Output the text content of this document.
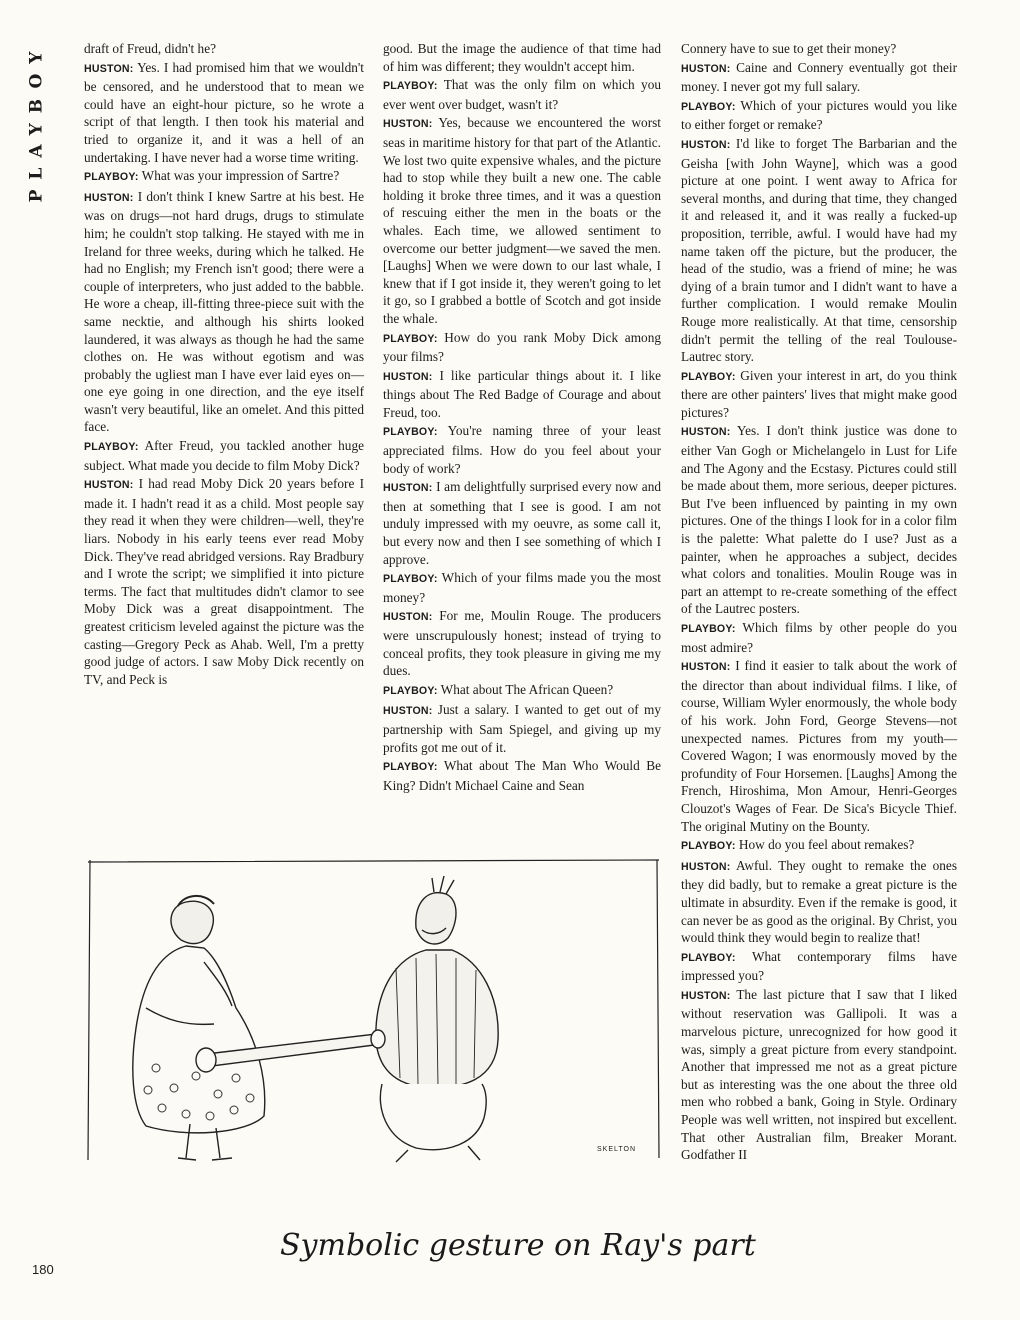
PLAYBOY	draft of Freud, didn't he?

HUSTON: Yes. I had promised him that we wouldn't be censored, and he understood that to mean we could have an eight-hour picture, so he wrote a script of that length. I then took his material and tried to organize it, and it was a hell of an undertaking. I have never had a worse time writing.

PLAYBOY: What was your impression of Sartre?

HUSTON: I don't think I knew Sartre at his best. He was on drugs—not hard drugs, drugs to stimulate him; he couldn't stop talking. He stayed with me in Ireland for three weeks, during which he talked. He had no English; my French isn't good; there were a couple of interpreters, who just added to the babble. He wore a cheap, ill-fitting three-piece suit with the same necktie, and although his shirts looked laundered, it was always as though he had the same clothes on. He was without egotism and was probably the ugliest man I have ever laid eyes on—one eye going in one direction, and the eye itself wasn't very beautiful, like an omelet. And this pitted face.

PLAYBOY: After Freud, you tackled another huge subject. What made you decide to film Moby Dick?

HUSTON: I had read Moby Dick 20 years before I made it. I hadn't read it as a child. Most people say they read it when they were children—well, they're liars. Nobody in his early teens ever read Moby Dick. They've read abridged versions. Ray Bradbury and I wrote the script; we simplified it into picture terms. The fact that multitudes didn't clamor to see Moby Dick was a great disappointment. The greatest criticism leveled against the picture was the casting—Gregory Peck as Ahab. Well, I'm a pretty good judge of actors. I saw Moby Dick recently on TV, and Peck is

good. But the image the audience of that time had of him was different; they wouldn't accept him.

PLAYBOY: That was the only film on which you ever went over budget, wasn't it?

HUSTON: Yes, because we encountered the worst seas in maritime history for that part of the Atlantic. We lost two quite expensive whales, and the picture had to stop while they built a new one. The cable holding it broke three times, and it was a question of rescuing either the men in the boats or the whales. Each time, we allowed sentiment to overcome our better judgment—we saved the men. [Laughs] When we were down to our last whale, I knew that if I got inside it, they weren't going to let it go, so I grabbed a bottle of Scotch and got inside the whale.

PLAYBOY: How do you rank Moby Dick among your films?

HUSTON: I like particular things about it. I like things about The Red Badge of Courage and about Freud, too.

PLAYBOY: You're naming three of your least appreciated films. How do you feel about your body of work?

HUSTON: I am delightfully surprised every now and then at something that I see is good. I am not unduly impressed with my oeuvre, as some call it, but every now and then I see something of which I approve.

PLAYBOY: Which of your films made you the most money?

HUSTON: For me, Moulin Rouge. The producers were unscrupulously honest; instead of trying to conceal profits, they took pleasure in giving me my dues.

PLAYBOY: What about The African Queen?

HUSTON: Just a salary. I wanted to get out of my partnership with Sam Spiegel, and giving up my profits got me out of it.

PLAYBOY: What about The Man Who Would Be King? Didn't Michael Caine and Sean

Connery have to sue to get their money?

HUSTON: Caine and Connery eventually got their money. I never got my full salary.

PLAYBOY: Which of your pictures would you like to either forget or remake?

HUSTON: I'd like to forget The Barbarian and the Geisha [with John Wayne], which was a good picture at one point. I went away to Africa for several months, and during that time, they changed it and released it, and it was really a fucked-up proposition, terrible, awful. I would have had my name taken off the picture, but the producer, the head of the studio, was a friend of mine; he was dying of a brain tumor and I didn't want to have a further complication. I would remake Moulin Rouge more realistically. At that time, censorship didn't permit the telling of the real Toulouse-Lautrec story.

PLAYBOY: Given your interest in art, do you think there are other painters' lives that might make good pictures?

HUSTON: Yes. I don't think justice was done to either Van Gogh or Michelangelo in Lust for Life and The Agony and the Ecstasy. Pictures could still be made about them, more serious, deeper pictures. But I've been influenced by painting in my own pictures. One of the things I look for in a color film is the palette: What palette do I use? Just as a painter, when he approaches a subject, decides what colors and tonalities. Moulin Rouge was in part an attempt to re-create something of the effect of the Lautrec posters.

PLAYBOY: Which films by other people do you most admire?

HUSTON: I find it easier to talk about the work of the director than about individual films. I like, of course, William Wyler enormously, the whole body of his work. John Ford, George Stevens—not unexpected names. Pictures from my youth—Covered Wagon; I was enormously moved by the profundity of Four Horsemen. [Laughs] Among the French, Hiroshima, Mon Amour, Henri-Georges Clouzot's Wages of Fear. De Sica's Bicycle Thief. The original Mutiny on the Bounty.

PLAYBOY: How do you feel about remakes?

HUSTON: Awful. They ought to remake the ones they did badly, but to remake a great picture is the ultimate in absurdity. Even if the remake is good, it can never be as good as the original. By Christ, you would think they would begin to realize that!

PLAYBOY: What contemporary films have impressed you?

HUSTON: The last picture that I saw that I liked without reservation was Gallipoli. It was a marvelous picture, unrecognized for how good it was, simply a great picture from every standpoint. Another that impressed me not as a great picture but as interesting was the one about the three old men who robbed a bank, Going in Style. Ordinary People was well written, not inspired but excellent. That other Australian film, Breaker Morant. Godfather II

SKELTON
Symbolic gesture on Ray's part
180
